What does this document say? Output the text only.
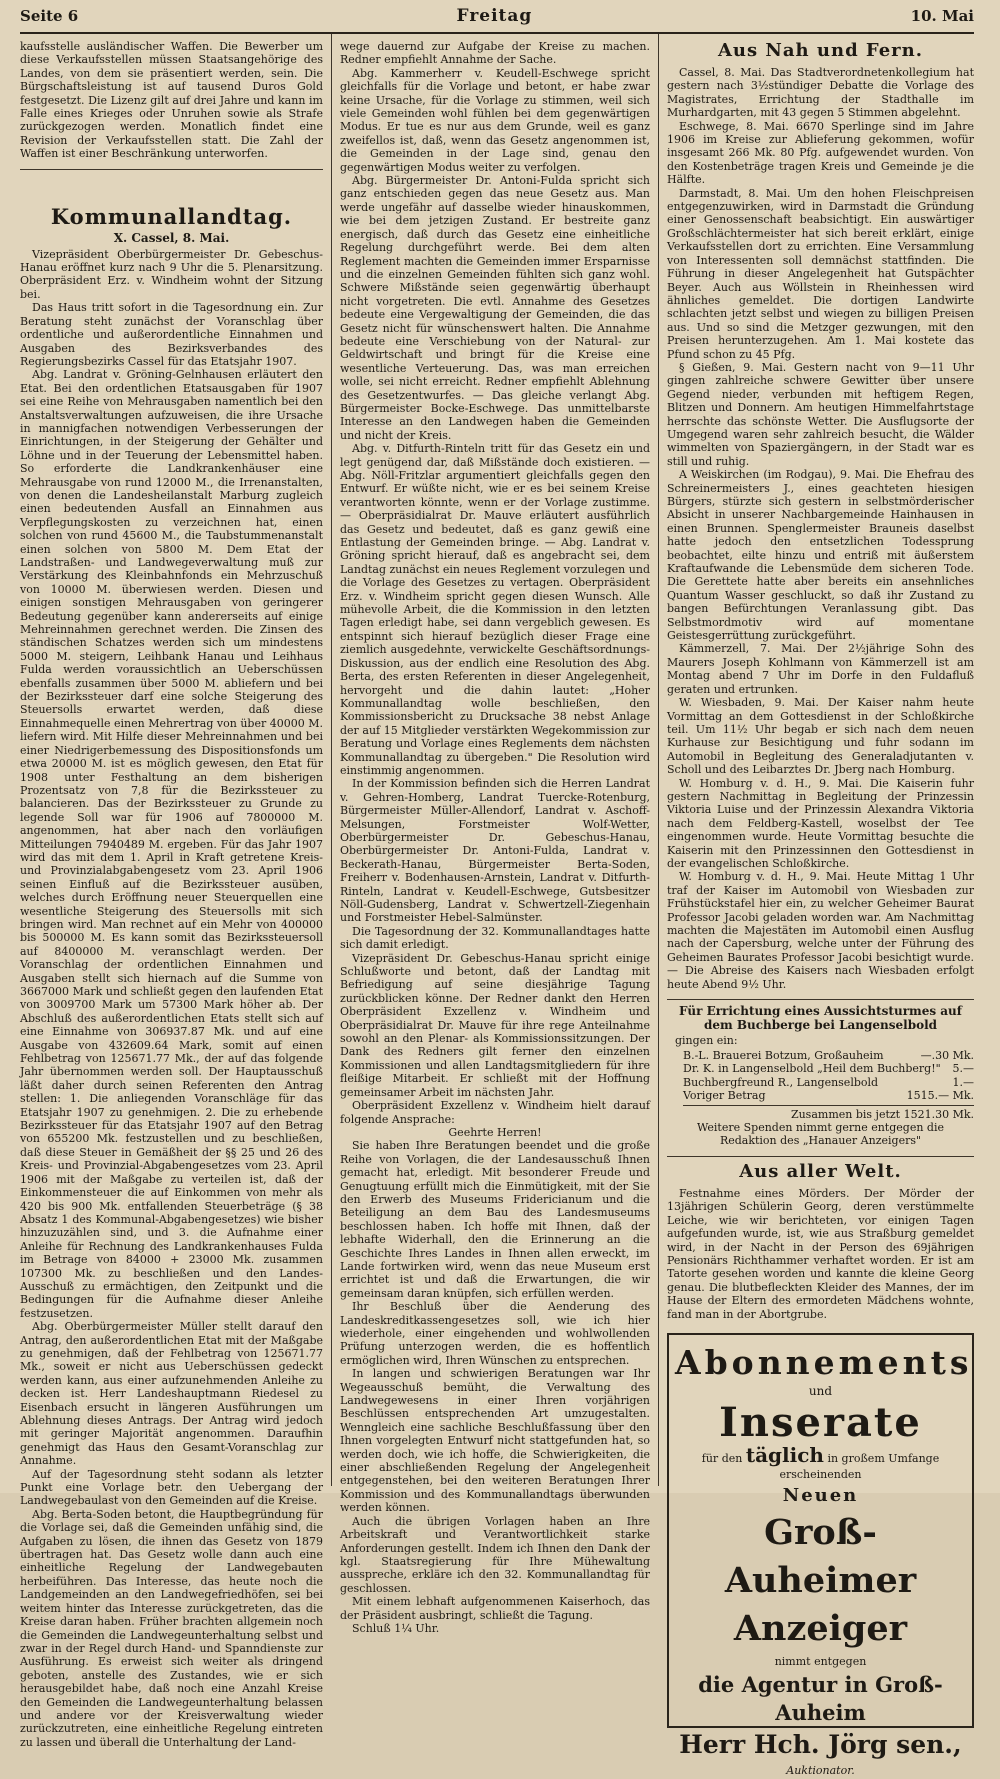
Seite 6	Freitag	10. Mai

kaufsstelle ausländischer Waffen. Die Bewerber um diese Verkaufsstellen müssen Staatsangehörige des Landes, von dem sie präsentiert werden, sein. Die Bürgschaftsleistung ist auf tausend Duros Gold festgesetzt. Die Lizenz gilt auf drei Jahre und kann im Falle eines Krieges oder Unruhen sowie als Strafe zurückgezogen werden. Monatlich findet eine Revision der Verkaufsstellen statt. Die Zahl der Waffen ist einer Beschränkung unterworfen.

Kommunallandtag.
X. Cassel, 8. Mai.

Vizepräsident Oberbürgermeister Dr. Gebeschus-Hanau eröffnet kurz nach 9 Uhr die 5. Plenarsitzung. Oberpräsident Erz. v. Windheim wohnt der Sitzung bei.

Das Haus tritt sofort in die Tagesordnung ein. Zur Beratung steht zunächst der Voranschlag über ordentliche und außerordentliche Einnahmen und Ausgaben des Bezirksverbandes des Regierungsbezirks Cassel für das Etatsjahr 1907.

Abg. Landrat v. Gröning-Gelnhausen erläutert den Etat. Bei den ordentlichen Etatsausgaben für 1907 sei eine Reihe von Mehrausgaben namentlich bei den Anstaltsverwaltungen aufzuweisen, die ihre Ursache in mannigfachen notwendigen Verbesserungen der Einrichtungen, in der Steigerung der Gehälter und Löhne und in der Teuerung der Lebensmittel haben. So erforderte die Landkrankenhäuser eine Mehrausgabe von rund 12000 M., die Irrenanstalten, von denen die Landesheilanstalt Marburg zugleich einen bedeutenden Ausfall an Einnahmen aus Verpflegungskosten zu verzeichnen hat, einen solchen von rund 45600 M., die Taubstummenanstalt einen solchen von 5800 M. Dem Etat der Landstraßen- und Landwegeverwaltung muß zur Verstärkung des Kleinbahnfonds ein Mehrzuschuß von 10000 M. überwiesen werden. Diesen und einigen sonstigen Mehrausgaben von geringerer Bedeutung gegenüber kann andererseits auf einige Mehreinnahmen gerechnet werden. Die Zinsen des ständischen Schatzes werden sich um mindestens 5000 M. steigern, Leihbank Hanau und Leihhaus Fulda werden voraussichtlich an Ueberschüssen ebenfalls zusammen über 5000 M. abliefern und bei der Bezirkssteuer darf eine solche Steigerung des Steuersolls erwartet werden, daß diese Einnahmequelle einen Mehrertrag von über 40000 M. liefern wird. Mit Hilfe dieser Mehreinnahmen und bei einer Niedrigerbemessung des Dispositionsfonds um etwa 20000 M. ist es möglich gewesen, den Etat für 1908 unter Festhaltung an dem bisherigen Prozentsatz von 7,8 für die Bezirkssteuer zu balancieren. Das der Bezirkssteuer zu Grunde zu legende Soll war für 1906 auf 7800000 M. angenommen, hat aber nach den vorläufigen Mitteilungen 7940489 M. ergeben. Für das Jahr 1907 wird das mit dem 1. April in Kraft getretene Kreis- und Provinzialabgabengesetz vom 23. April 1906 seinen Einfluß auf die Bezirkssteuer ausüben, welches durch Eröffnung neuer Steuerquellen eine wesentliche Steigerung des Steuersolls mit sich bringen wird. Man rechnet auf ein Mehr von 400000 bis 500000 M. Es kann somit das Bezirkssteuersoll auf 8400000 M. veranschlagt werden. Der Voranschlag der ordentlichen Einnahmen und Ausgaben stellt sich hiernach auf die Summe von 3667000 Mark und schließt gegen den laufenden Etat von 3009700 Mark um 57300 Mark höher ab. Der Abschluß des außerordentlichen Etats stellt sich auf eine Einnahme von 306937.87 Mk. und auf eine Ausgabe von 432609.64 Mark, somit auf einen Fehlbetrag von 125671.77 Mk., der auf das folgende Jahr übernommen werden soll. Der Hauptausschuß läßt daher durch seinen Referenten den Antrag stellen: 1. Die anliegenden Voranschläge für das Etatsjahr 1907 zu genehmigen. 2. Die zu erhebende Bezirkssteuer für das Etatsjahr 1907 auf den Betrag von 655200 Mk. festzustellen und zu beschließen, daß diese Steuer in Gemäßheit der §§ 25 und 26 des Kreis- und Provinzial-Abgabengesetzes vom 23. April 1906 mit der Maßgabe zu verteilen ist, daß der Einkommensteuer die auf Einkommen von mehr als 420 bis 900 Mk. entfallenden Steuerbeträge (§ 38 Absatz 1 des Kommunal-Abgabengesetzes) wie bisher hinzuzuzählen sind, und 3. die Aufnahme einer Anleihe für Rechnung des Landkrankenhauses Fulda im Betrage von 84000 + 23000 Mk. zusammen 107300 Mk. zu beschließen und den Landes-Ausschuß zu ermächtigen, den Zeitpunkt und die Bedingungen für die Aufnahme dieser Anleihe festzusetzen.

Abg. Oberbürgermeister Müller stellt darauf den Antrag, den außerordentlichen Etat mit der Maßgabe zu genehmigen, daß der Fehlbetrag von 125671.77 Mk., soweit er nicht aus Ueberschüssen gedeckt werden kann, aus einer aufzunehmenden Anleihe zu decken ist. Herr Landeshauptmann Riedesel zu Eisenbach ersucht in längeren Ausführungen um Ablehnung dieses Antrags. Der Antrag wird jedoch mit geringer Majorität angenommen. Daraufhin genehmigt das Haus den Gesamt-Voranschlag zur Annahme.

Auf der Tagesordnung steht sodann als letzter Punkt eine Vorlage betr. den Uebergang der Landwegebaulast von den Gemeinden auf die Kreise.

Abg. Berta-Soden betont, die Hauptbegründung für die Vorlage sei, daß die Gemeinden unfähig sind, die Aufgaben zu lösen, die ihnen das Gesetz von 1879 übertragen hat. Das Gesetz wolle dann auch eine einheitliche Regelung der Landwegebauten herbeiführen. Das Interesse, das heute noch die Landgemeinden an den Landwegefriedhöfen, sei bei weitem hinter das Interesse zurückgetreten, das die Kreise daran haben. Früher brachten allgemein noch die Gemeinden die Landwegeunterhaltung selbst und zwar in der Regel durch Hand- und Spanndienste zur Ausführung. Es erweist sich weiter als dringend geboten, anstelle des Zustandes, wie er sich herausgebildet habe, daß noch eine Anzahl Kreise den Gemeinden die Landwegeunterhaltung belassen und andere vor der Kreisverwaltung wieder zurückzutreten, eine einheitliche Regelung eintreten zu lassen und überall die Unterhaltung der Land-

wege dauernd zur Aufgabe der Kreise zu machen. Redner empfiehlt Annahme der Sache.

Abg. Kammerherr v. Keudell-Eschwege spricht gleichfalls für die Vorlage und betont, er habe zwar keine Ursache, für die Vorlage zu stimmen, weil sich viele Gemeinden wohl fühlen bei dem gegenwärtigen Modus. Er tue es nur aus dem Grunde, weil es ganz zweifellos ist, daß, wenn das Gesetz angenommen ist, die Gemeinden in der Lage sind, genau den gegenwärtigen Modus weiter zu verfolgen.

Abg. Bürgermeister Dr. Antoni-Fulda spricht sich ganz entschieden gegen das neue Gesetz aus. Man werde ungefähr auf dasselbe wieder hinauskommen, wie bei dem jetzigen Zustand. Er bestreite ganz energisch, daß durch das Gesetz eine einheitliche Regelung durchgeführt werde. Bei dem alten Reglement machten die Gemeinden immer Ersparnisse und die einzelnen Gemeinden fühlten sich ganz wohl. Schwere Mißstände seien gegenwärtig überhaupt nicht vorgetreten. Die evtl. Annahme des Gesetzes bedeute eine Vergewaltigung der Gemeinden, die das Gesetz nicht für wünschenswert halten. Die Annahme bedeute eine Verschiebung von der Natural- zur Geldwirtschaft und bringt für die Kreise eine wesentliche Verteuerung. Das, was man erreichen wolle, sei nicht erreicht. Redner empfiehlt Ablehnung des Gesetzentwurfes. — Das gleiche verlangt Abg. Bürgermeister Bocke-Eschwege. Das unmittelbarste Interesse an den Landwegen haben die Gemeinden und nicht der Kreis.

Abg. v. Ditfurth-Rinteln tritt für das Gesetz ein und legt genügend dar, daß Mißstände doch existieren. — Abg. Nöll-Fritzlar argumentiert gleichfalls gegen den Entwurf. Er wüßte nicht, wie er es bei seinem Kreise verantworten könnte, wenn er der Vorlage zustimme. — Oberpräsidialrat Dr. Mauve erläutert ausführlich das Gesetz und bedeutet, daß es ganz gewiß eine Entlastung der Gemeinden bringe. — Abg. Landrat v. Gröning spricht hierauf, daß es angebracht sei, dem Landtag zunächst ein neues Reglement vorzulegen und die Vorlage des Gesetzes zu vertagen. Oberpräsident Erz. v. Windheim spricht gegen diesen Wunsch. Alle mühevolle Arbeit, die die Kommission in den letzten Tagen erledigt habe, sei dann vergeblich gewesen. Es entspinnt sich hierauf bezüglich dieser Frage eine ziemlich ausgedehnte, verwickelte Geschäftsordnungs-Diskussion, aus der endlich eine Resolution des Abg. Berta, des ersten Referenten in dieser Angelegenheit, hervorgeht und die dahin lautet: „Hoher Kommunallandtag wolle beschließen, den Kommissionsbericht zu Drucksache 38 nebst Anlage der auf 15 Mitglieder verstärkten Wegekommission zur Beratung und Vorlage eines Reglements dem nächsten Kommunallandtag zu übergeben." Die Resolution wird einstimmig angenommen.

In der Kommission befinden sich die Herren Landrat v. Gehren-Homberg, Landrat Tuercke-Rotenburg, Bürgermeister Müller-Allendorf, Landrat v. Aschoff-Melsungen, Forstmeister Wolf-Wetter, Oberbürgermeister Dr. Gebeschus-Hanau, Oberbürgermeister Dr. Antoni-Fulda, Landrat v. Beckerath-Hanau, Bürgermeister Berta-Soden, Freiherr v. Bodenhausen-Arnstein, Landrat v. Ditfurth-Rinteln, Landrat v. Keudell-Eschwege, Gutsbesitzer Nöll-Gudensberg, Landrat v. Schwertzell-Ziegenhain und Forstmeister Hebel-Salmünster.

Die Tagesordnung der 32. Kommunallandtages hatte sich damit erledigt.

Vizepräsident Dr. Gebeschus-Hanau spricht einige Schlußworte und betont, daß der Landtag mit Befriedigung auf seine diesjährige Tagung zurückblicken könne. Der Redner dankt den Herren Oberpräsident Exzellenz v. Windheim und Oberpräsidialrat Dr. Mauve für ihre rege Anteilnahme sowohl an den Plenar- als Kommissionssitzungen. Der Dank des Redners gilt ferner den einzelnen Kommissionen und allen Landtagsmitgliedern für ihre fleißige Mitarbeit. Er schließt mit der Hoffnung gemeinsamer Arbeit im nächsten Jahr.

Oberpräsident Exzellenz v. Windheim hielt darauf folgende Ansprache:

Geehrte Herren!

Sie haben Ihre Beratungen beendet und die große Reihe von Vorlagen, die der Landesausschuß Ihnen gemacht hat, erledigt. Mit besonderer Freude und Genugtuung erfüllt mich die Einmütigkeit, mit der Sie den Erwerb des Museums Fridericianum und die Beteiligung an dem Bau des Landesmuseums beschlossen haben. Ich hoffe mit Ihnen, daß der lebhafte Widerhall, den die Erinnerung an die Geschichte Ihres Landes in Ihnen allen erweckt, im Lande fortwirken wird, wenn das neue Museum erst errichtet ist und daß die Erwartungen, die wir gemeinsam daran knüpfen, sich erfüllen werden.

Ihr Beschluß über die Aenderung des Landeskreditkassengesetzes soll, wie ich hier wiederhole, einer eingehenden und wohlwollenden Prüfung unterzogen werden, die es hoffentlich ermöglichen wird, Ihren Wünschen zu entsprechen.

In langen und schwierigen Beratungen war Ihr Wegeausschuß bemüht, die Verwaltung des Landwegewesens in einer Ihren vorjährigen Beschlüssen entsprechenden Art umzugestalten. Wenngleich eine sachliche Beschlußfassung über den Ihnen vorgelegten Entwurf nicht stattgefunden hat, so werden doch, wie ich hoffe, die Schwierigkeiten, die einer abschließenden Regelung der Angelegenheit entgegenstehen, bei den weiteren Beratungen Ihrer Kommission und des Kommunallandtags überwunden werden können.

Auch die übrigen Vorlagen haben an Ihre Arbeitskraft und Verantwortlichkeit starke Anforderungen gestellt. Indem ich Ihnen den Dank der kgl. Staatsregierung für Ihre Mühewaltung ausspreche, erkläre ich den 32. Kommunallandtag für geschlossen.

Mit einem lebhaft aufgenommenen Kaiserhoch, das der Präsident ausbringt, schließt die Tagung.

Schluß 1¼ Uhr.

Aus Nah und Fern.

Cassel, 8. Mai. Das Stadtverordnetenkollegium hat gestern nach 3½stündiger Debatte die Vorlage des Magistrates, Errichtung der Stadthalle im Murhardgarten, mit 43 gegen 5 Stimmen abgelehnt.

Eschwege, 8. Mai. 6670 Sperlinge sind im Jahre 1906 im Kreise zur Ablieferung gekommen, wofür insgesamt 266 Mk. 80 Pfg. aufgewendet wurden. Von den Kostenbeträge tragen Kreis und Gemeinde je die Hälfte.

Darmstadt, 8. Mai. Um den hohen Fleischpreisen entgegenzuwirken, wird in Darmstadt die Gründung einer Genossenschaft beabsichtigt. Ein auswärtiger Großschlächtermeister hat sich bereit erklärt, einige Verkaufsstellen dort zu errichten. Eine Versammlung von Interessenten soll demnächst stattfinden. Die Führung in dieser Angelegenheit hat Gutspächter Beyer. Auch aus Wöllstein in Rheinhessen wird ähnliches gemeldet. Die dortigen Landwirte schlachten jetzt selbst und wiegen zu billigen Preisen aus. Und so sind die Metzger gezwungen, mit den Preisen herunterzugehen. Am 1. Mai kostete das Pfund schon zu 45 Pfg.

§ Gießen, 9. Mai. Gestern nacht von 9—11 Uhr gingen zahlreiche schwere Gewitter über unsere Gegend nieder, verbunden mit heftigem Regen, Blitzen und Donnern. Am heutigen Himmelfahrtstage herrschte das schönste Wetter. Die Ausflugsorte der Umgegend waren sehr zahlreich besucht, die Wälder wimmelten von Spaziergängern, in der Stadt war es still und ruhig.

A Weiskirchen (im Rodgau), 9. Mai. Die Ehefrau des Schreinermeisters J., eines geachteten hiesigen Bürgers, stürzte sich gestern in selbstmörderischer Absicht in unserer Nachbargemeinde Hainhausen in einen Brunnen. Spenglermeister Brauneis daselbst hatte jedoch den entsetzlichen Todessprung beobachtet, eilte hinzu und entriß mit äußerstem Kraftaufwande die Lebensmüde dem sicheren Tode. Die Gerettete hatte aber bereits ein ansehnliches Quantum Wasser geschluckt, so daß ihr Zustand zu bangen Befürchtungen Veranlassung gibt. Das Selbstmordmotiv wird auf momentane Geistesgerrüttung zurückgeführt.

Kämmerzell, 7. Mai. Der 2½jährige Sohn des Maurers Joseph Kohlmann von Kämmerzell ist am Montag abend 7 Uhr im Dorfe in den Fuldafluß geraten und ertrunken.

W. Wiesbaden, 9. Mai. Der Kaiser nahm heute Vormittag an dem Gottesdienst in der Schloßkirche teil. Um 11½ Uhr begab er sich nach dem neuen Kurhause zur Besichtigung und fuhr sodann im Automobil in Begleitung des Generaladjutanten v. Scholl und des Leibarztes Dr. Jberg nach Homburg.

W. Homburg v. d. H., 9. Mai. Die Kaiserin fuhr gestern Nachmittag in Begleitung der Prinzessin Viktoria Luise und der Prinzessin Alexandra Viktoria nach dem Feldberg-Kastell, woselbst der Tee eingenommen wurde. Heute Vormittag besuchte die Kaiserin mit den Prinzessinnen den Gottesdienst in der evangelischen Schloßkirche.

W. Homburg v. d. H., 9. Mai. Heute Mittag 1 Uhr traf der Kaiser im Automobil von Wiesbaden zur Frühstückstafel hier ein, zu welcher Geheimer Baurat Professor Jacobi geladen worden war. Am Nachmittag machten die Majestäten im Automobil einen Ausflug nach der Capersburg, welche unter der Führung des Geheimen Baurates Professor Jacobi besichtigt wurde. — Die Abreise des Kaisers nach Wiesbaden erfolgt heute Abend 9½ Uhr.

Für Errichtung eines Aussichtsturmes auf dem Buchberge bei Langenselbold
gingen ein:
B.-L. Brauerei Botzum, Großauheim	—.30 Mk.
Dr. K. in Langenselbold „Heil dem Buchberg!" 5.—
Buchbergfreund R., Langenselbold	1.—
Voriger Betrag	1515.— Mk.
Zusammen bis jetzt 1521.30 Mk.

Weitere Spenden nimmt gerne entgegen die Redaktion des „Hanauer Anzeigers"

Aus aller Welt.

Festnahme eines Mörders. Der Mörder der 13jährigen Schülerin Georg, deren verstümmelte Leiche, wie wir berichteten, vor einigen Tagen aufgefunden wurde, ist, wie aus Straßburg gemeldet wird, in der Nacht in der Person des 69jährigen Pensionärs Richthammer verhaftet worden. Er ist am Tatorte gesehen worden und kannte die kleine Georg genau. Die blutbefleckten Kleider des Mannes, der im Hause der Eltern des ermordeten Mädchens wohnte, fand man in der Abortgrube.

Abonnements
und
Inserate
für den täglich in großem Umfange erscheinenden
Neuen
Groß-Auheimer Anzeiger
nimmt entgegen
die Agentur in Groß-Auheim
Herr Hch. Jörg sen.,
Auktionator.
